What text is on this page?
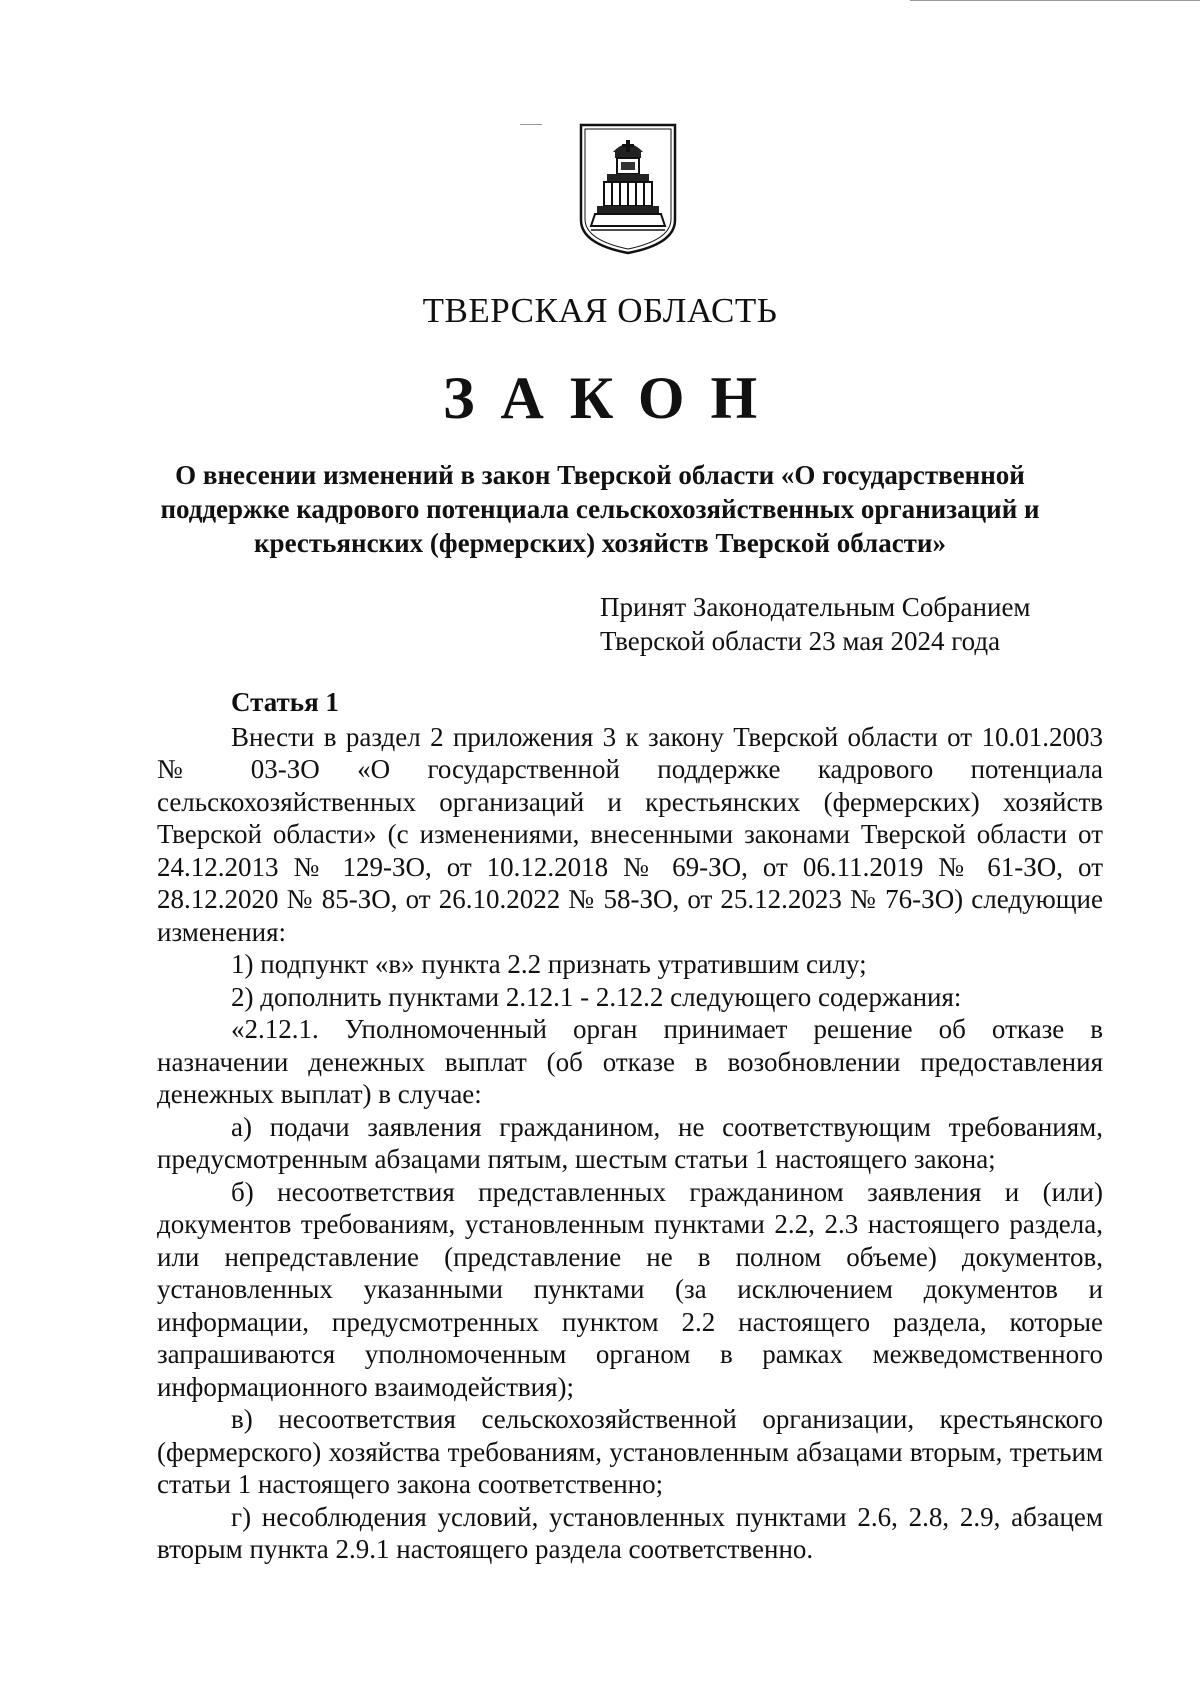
ТВЕРСКАЯ ОБЛАСТЬ
ЗАКОН
О внесении изменений в закон Тверской области «О государственной
поддержке кадрового потенциала сельскохозяйственных организаций и
крестьянских (фермерских) хозяйств Тверской области»
Принят Законодательным Собранием
Тверской области 23 мая 2024 года
Статья 1

Внести в раздел 2 приложения 3 к закону Тверской области от 10.01.2003 № 03-ЗО «О государственной поддержке кадрового потенциала сельскохозяйственных организаций и крестьянских (фермерских) хозяйств Тверской области» (с изменениями, внесенными законами Тверской области от 24.12.2013 № 129-ЗО, от 10.12.2018 № 69-ЗО, от 06.11.2019 № 61-ЗО, от 28.12.2020 № 85-ЗО, от 26.10.2022 № 58-ЗО, от 25.12.2023 № 76-ЗО) следующие изменения:

1) подпункт «в» пункта 2.2 признать утратившим силу;

2) дополнить пунктами 2.12.1 - 2.12.2 следующего содержания:

«2.12.1. Уполномоченный орган принимает решение об отказе в назначении денежных выплат (об отказе в возобновлении предоставления денежных выплат) в случае:

а) подачи заявления гражданином, не соответствующим требованиям, предусмотренным абзацами пятым, шестым статьи 1 настоящего закона;

б) несоответствия представленных гражданином заявления и (или) документов требованиям, установленным пунктами 2.2, 2.3 настоящего раздела, или непредставление (представление не в полном объеме) документов, установленных указанными пунктами (за исключением документов и информации, предусмотренных пунктом 2.2 настоящего раздела, которые запрашиваются уполномоченным органом в рамках межведомственного информационного взаимодействия);

в) несоответствия сельскохозяйственной организации, крестьянского (фермерского) хозяйства требованиям, установленным абзацами вторым, третьим статьи 1 настоящего закона соответственно;

г) несоблюдения условий, установленных пунктами 2.6, 2.8, 2.9, абзацем вторым пункта 2.9.1 настоящего раздела соответственно.
